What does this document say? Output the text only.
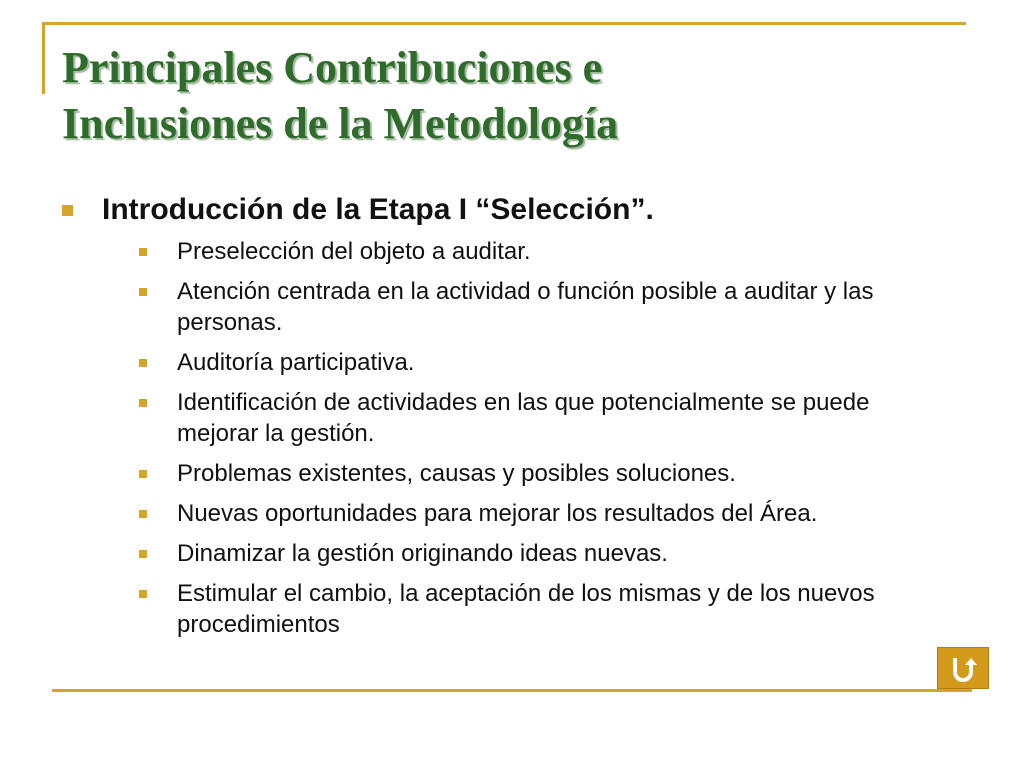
Principales Contribuciones e
Inclusiones de la Metodología
Introducción de la Etapa I “Selección”.
Preselección del objeto a auditar.
Atención centrada en la actividad o función posible a auditar y las personas.
Auditoría participativa.
Identificación de actividades en las que potencialmente se puede mejorar la gestión.
Problemas existentes, causas y posibles soluciones.
Nuevas oportunidades para mejorar los resultados del Área.
Dinamizar la gestión originando ideas nuevas.
Estimular el cambio, la aceptación de los mismas y de los nuevos procedimientos
